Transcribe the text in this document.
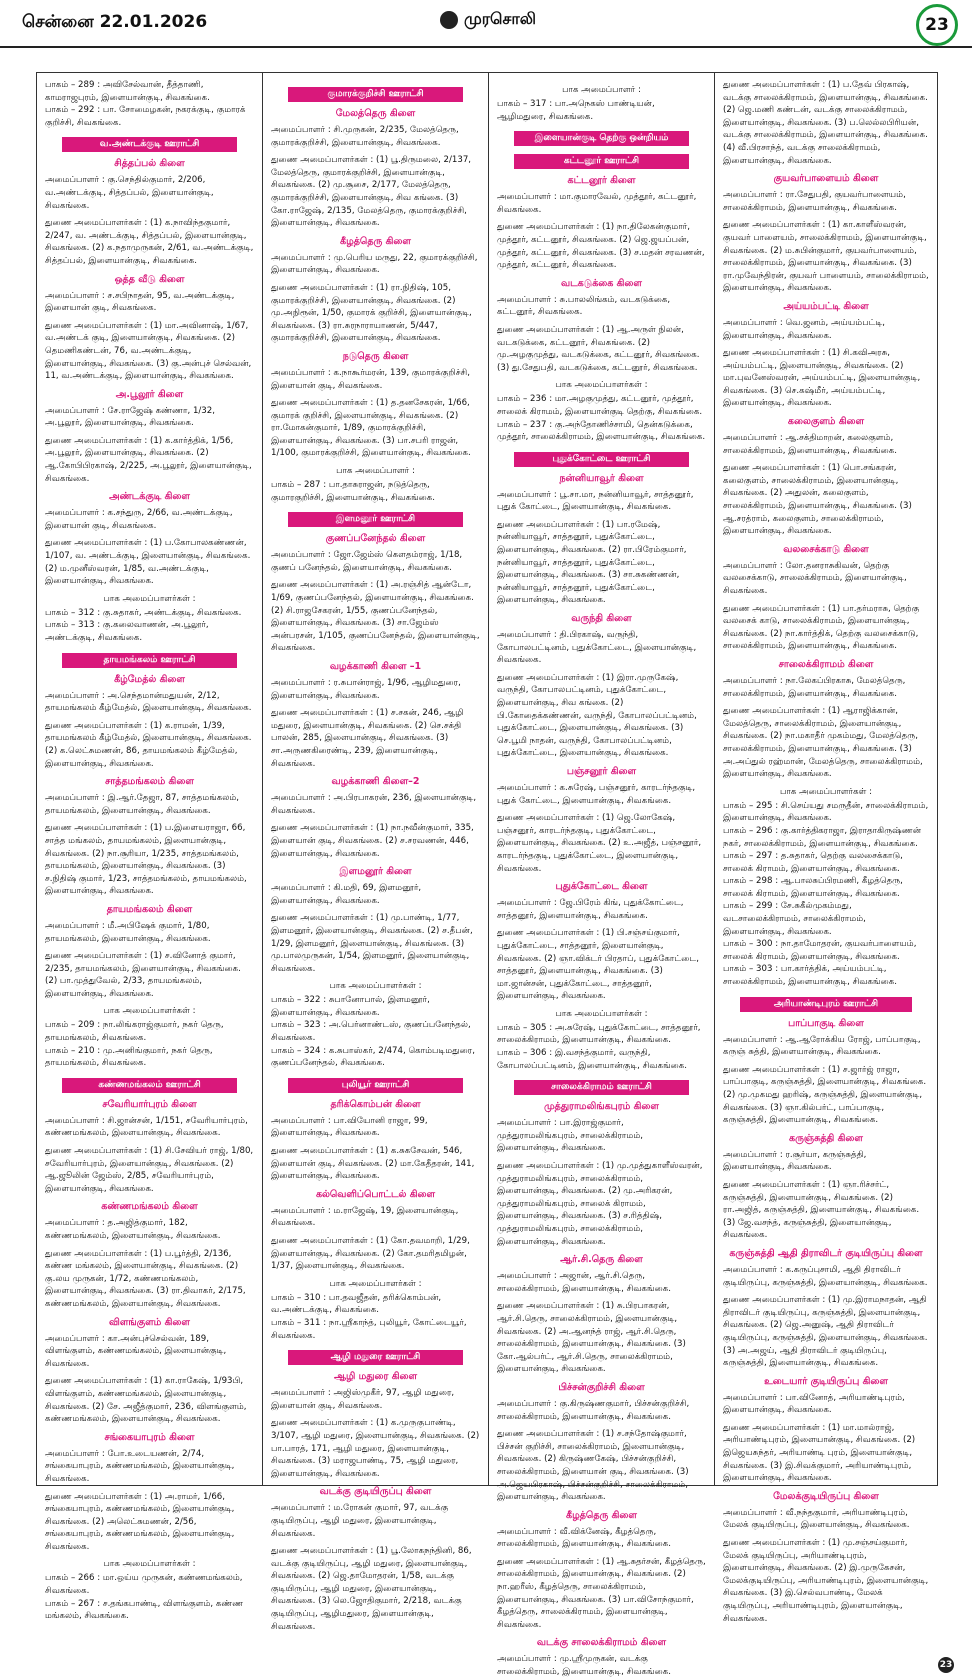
சென்னை 22.01.2026	முரசொலி	23
பாகம் – 289 : அவிசேல்வான், தீத்தாணி, காமராஜபுரம், இளையான்குடி, சிவகங்கை.
பாகம் – 292 : பா. சோமைழகன், நகரக்குடி, குமாரக் குறிச்சி, சிவகங்கை.
வ.அண்டக்குடி ஊராட்சி
சித்தப்பல் கிளை

அமைப்பாளர் : கு.செந்தில்குமார், 2/206, வ.அண்டக்குடி, சித்தப்பல், இளையான்குடி, சிவகங்கை.

துணை அமைப்பாளர்கள் : (1) க.நாவிந்தகுமார், 2/247, வ. அண்டக்குடி, சித்தப்பல், இளையான்குடி, சிவகங்கை. (2) க.நதாமுருகன், 2/61, வ.அண்டக்குடி, சித்தப்பல், இளையான்குடி, சிவகங்கை.

ஒத்த வீடு கிளை

அமைப்பாளர் : ச.சபிநாதன், 95, வ.அண்டக்குடி, இளையான் குடி, சிவகங்கை.

துணை அமைப்பாளர்கள் : (1) மா.அவினாஷ், 1/67, வ.அண்டக் குடி, இளையான்குடி, சிவகங்கை. (2) தெமணிகண்டன், 76, வ.அண்டக்குடி, இளையான்குடி, சிவகங்கை. (3) கு.அன்புச் செல்வன், 11, வ.அண்டக்குடி, இளையான்குடி, சிவகங்கை.

அ.பூலூர் கிளை

அமைப்பாளர் : சே.ராஜேஷ் கண்ணா, 1/32, அ.பூலூர், இளையான்குடி, சிவகங்கை.

துணை அமைப்பாளர்கள் : (1) க.கார்த்திக், 1/56, அ.பூலூர், இளையான்குடி, சிவகங்கை. (2) ஆ.கோபிபிரகாஷ், 2/225, அ.பூலூர், இளையான்குடி, சிவகங்கை.

அண்டக்குடி கிளை

அமைப்பாளர் : க.சந்துரு, 2/66, வ.அண்டக்குடி, இளையான் குடி, சிவகங்கை.

துணை அமைப்பாளர்கள் : (1) ப.கோபாலகண்ணன், 1/107, வ. அண்டக்குடி, இளையான்குடி, சிவகங்கை. (2) ம.முனீஸ்வரன், 1/85, வ.அண்டக்குடி, இளையான்குடி, சிவகங்கை.

பாக அமைப்பாளர்கள் :
பாகம் – 312 : கு.சுதாகர், அண்டக்குடி, சிவகங்கை.
பாகம் – 313 : கு.கலைவாணன், அ.பூலூர், அண்டக்குடி, சிவகங்கை.
தாயமங்கலம் ஊராட்சி
கீழ்மேத்ல் கிளை

அமைப்பாளர் : அ.செந்தமான்மதுயன், 2/12, தாயமங்கலம் கீழ்மேத்ல், இளையான்குடி, சிவகங்கை.

துணை அமைப்பாளர்கள் : (1) க.ராமன், 1/39, தாயமங்கலம் கீழ்மேத்ல், இளையான்குடி, சிவகங்கை. (2) க.லெட்சுமணன், 86, தாயமங்கலம் கீழ்மேத்ல், இளையான்குடி, சிவகங்கை.

சாத்தமங்கலம் கிளை

அமைப்பாளர் : இ.ஆர்.தேஜா, 87, சாத்தமங்கலம், தாயமங்கலம், இளையான்குடி, சிவகங்கை.

துணை அமைப்பாளர்கள் : (1) ப.இளையராஜா, 66, சாத்த மங்கலம், தாயமங்கலம், இளையான்குடி, சிவகங்கை. (2) நா.சூரியா, 1/235, சாத்தமங்கலம், தாயமங்கலம், இளையான்குடி, சிவகங்கை. (3) ச.நிதிஷ் குமார், 1/23, சாத்தமங்கலம், தாயமங்கலம், இளையான்குடி, சிவகங்கை.

தாயமங்கலம் கிளை

அமைப்பாளர் : மீ.அபிஷேக் குமார், 1/80, தாயமங்கலம், இளையான்குடி, சிவகங்கை.

துணை அமைப்பாளர்கள் : (1) ச.வினோத் குமார், 2/235, தாயமங்கலம், இளையான்குடி, சிவகங்கை. (2) பா.முத்துவேல், 2/33, தாயமங்கலம், இளையான்குடி, சிவகங்கை.

பாக அமைப்பாளர்கள் :
பாகம் – 209 : நா.லிங்கராஜ்குமார், நகர் தெரு, தாயமங்கலம், சிவகங்கை.
பாகம் – 210 : மு.அனிங்குமார், நகர் தெரு, தாயமங்கலம், சிவகங்கை.
கண்ணமங்கலம் ஊராட்சி
சவேரியார்புரம் கிளை

அமைப்பாளர் : சி.ஜான்சன், 1/151, சவேரியார்புரம், கண்ணமங்கலம், இளையான்குடி, சிவகங்கை.

துணை அமைப்பாளர்கள் : (1) சி.சேவியர் ராஜ், 1/80, சவேரியார்புரம், இளையான்குடி, சிவகங்கை. (2) ஆ.ஜூலின் ஜேம்ஸ், 2/85, சவேரியார்புரம், இளையான்குடி, சிவகங்கை.

கண்ணமங்கலம் கிளை

அமைப்பாளர் : த.அஜித்குமார், 182, கண்ணமங்கலம், இளையான்குடி, சிவகங்கை.

துணை அமைப்பாளர்கள் : (1) ப.பூர்த்தி, 2/136, கண்ண மங்கலம், இளையான்குடி, சிவகங்கை. (2) கு.லய முருகன், 1/72, கண்ணமங்கலம், இளையான்குடி, சிவகங்கை. (3) ரா.திவாகர், 2/175, கண்ணமங்கலம், இளையான்குடி, சிவகங்கை.

விளங்குளம் கிளை

அமைப்பாளர் : கா.அன்புச்செல்வன், 189, விளங்குளம், கண்ணமங்கலம், இளையான்குடி, சிவகங்கை.

துணை அமைப்பாளர்கள் : (1) கா.ராகேஷ், 1/93பி, விளங்குளம், கண்ணமங்கலம், இளையான்குடி, சிவகங்கை. (2) சே. அஜீத்குமார், 236, விளங்குளம், கண்ணமங்கலம், இளையான்குடி, சிவகங்கை.

சங்கையாபுரம் கிளை

அமைப்பாளர் : போ.உடையணன், 2/74, சங்கையாபுரம், கண்ணமங்கலம், இளையான்குடி, சிவகங்கை.

துணை அமைப்பாளர்கள் : (1) அ.ராமர், 1/66, சங்கையாபுரம், கண்ணமங்கலம், இளையான்குடி, சிவகங்கை. (2) அலெட்சுமணன், 2/56, சங்கையாபுரம், கண்ணமங்கலம், இளையான்குடி, சிவகங்கை.

பாக அமைப்பாளர்கள் :
பாகம் – 266 : மா.ஒய்ய முருகன், கண்ணமங்கலம், சிவகங்கை.
பாகம் – 267 : ச.தங்கபாண்டி, விளங்குளம், கண்ண மங்கலம், சிவகங்கை.
குமாரக்குறிச்சி ஊராட்சி
மேலத்தெரு கிளை

அமைப்பாளர் : சி.முருகன், 2/235, மேலத்தெரு, குமாரக்குறிச்சி, இளையான்குடி, சிவகங்கை.

துணை அமைப்பாளர்கள் : (1) பூ.திருமலை, 2/137, மேலத்தெரு, குமாரக்குறிச்சி, இளையான்குடி, சிவகங்கை. (2) மு.சூசை, 2/177, மேலத்தெரு, குமாரக்குறிச்சி, இளையான்குடி, சிவ கங்கை. (3) கோ.ராஜேஷ், 2/135, மேலத்தெரு, குமாரக்குறிச்சி, இளையான்குடி, சிவகங்கை.

கீழத்தெரு கிளை

அமைப்பாளர் : மு.பெரிய மருது, 22, குமாரக்குறிச்சி, இளையான்குடி, சிவகங்கை.

துணை அமைப்பாளர்கள் : (1) ரா.நிதிஷ், 105, குமாரக்குறிச்சி, இளையான்குடி, சிவகங்கை. (2) மு.அநிரூன், 1/50, குமாரக் குறிச்சி, இளையான்குடி, சிவகங்கை. (3) ரா.சுரநாராயாணன், 5/447, குமாரக்குறிச்சி, இளையான்குடி, சிவகங்கை.

நடுதெரு கிளை

அமைப்பாளர் : க.நாகூர்மரன், 139, குமாரக்குறிச்சி, இளையான் குடி, சிவகங்கை.

துணை அமைப்பாளர்கள் : (1) த.தனசேகரன், 1/66, குமாரக் குறிச்சி, இளையான்குடி, சிவகங்கை. (2) ரா.மோகன்குமார், 1/89, குமாரக்குறிச்சி, இளையான்குடி, சிவகங்கை. (3) பா.சபரி ராஜன், 1/100, குமாரக்குறிச்சி, இளையான்குடி, சிவகங்கை.

பாக அமைப்பாளர் :
பாகம் – 287 : பா.தாசுராஜன், நடுத்தெரு, குமாரகுறிச்சி, இளையான்குடி, சிவகங்கை.
இளமனூர் ஊராட்சி
குணப்பனேந்தல் கிளை

அமைப்பாளர் : ஜோ.ஜேம்ஸ் கௌதம்ராஜ், 1/18, குணப் பனேந்தல், இளையான்குடி, சிவகங்கை.

துணை அமைப்பாளர்கள் : (1) அ.ரஞ்சித் ஆன்டோ, 1/69, குணப்பனேந்தல், இளையான்குடி, சிவகங்கை. (2) சி.ராஜசேகரன், 1/55, குணப்பனேந்தல், இளையான்குடி, சிவகங்கை. (3) சா.ஜேம்ஸ் அன்பரசன், 1/105, குணப்பனேந்தல், இளையான்குடி, சிவகங்கை.

வழக்காணி கிளை –1

அமைப்பாளர் : ர.சுபான்ராஜ், 1/96, ஆழிமதுரை, இளையான்குடி, சிவகங்கை.

துணை அமைப்பாளர்கள் : (1) ச.சகன், 246, ஆழி மதுரை, இளையான்குடி, சிவகங்கை. (2) செ.சக்தி பாலன், 285, இளையான்குடி, சிவகங்கை. (3) சா.அருணகிரைண்டி, 239, இளையான்குடி, சிவகங்கை.

வழக்காணி கிளை–2

அமைப்பாளர் : அ.பிரபாகரன், 236, இளையான்குடி, சிவகங்கை.

துணை அமைப்பாளர்கள் : (1) நா.நவீன்குமார், 335, இளையான் குடி, சிவகங்கை. (2) ச.சரவணன், 446, இளையான்குடி, சிவகங்கை.

இளமனூர் கிளை

அமைப்பாளர் : கி.மதி, 69, இளமனூர், இளையான்குடி, சிவகங்கை.

துணை அமைப்பாளர்கள் : (1) மு.பாண்டி, 1/77, இளமனூர், இளையான்குடி, சிவகங்கை. (2) ச.தீபன், 1/29, இளமனூர், இளையான்குடி, சிவகங்கை. (3) மு.பாலமுருகன், 1/54, இளமனூர், இளையான்குடி, சிவகங்கை.

பாக அமைப்பாளர்கள் :
பாகம் – 322 : சுபானோபால், இளமனூர், இளையான்குடி, சிவகங்கை.
பாகம் – 323 : அ.பெர்னாண்டஸ், குணப்பனேந்தல், சிவகங்கை.
பாகம் – 324 : க.சுபாஸ்கர், 2/474, கொம்படிமதுரை, குணப்பனேந்தல், சிவகங்கை.
புலியூர் ஊராட்சி
தரிக்கொம்பன் கிளை

அமைப்பாளர் : பா.வியோனி ராஜா, 99, இளையான்குடி, சிவகங்கை.

துணை அமைப்பாளர்கள் : (1) க.சுகசேவன், 546, இளையான் குடி, சிவகங்கை. (2) மா.கேதீதரன், 141, இளையான்குடி, சிவகங்கை.

கல்வெளிப்பொட்டல் கிளை

அமைப்பாளர் : ம.ராஜேஷ், 19, இளையான்குடி, சிவகங்கை.

துணை அமைப்பாளர்கள் : (1) கோ.தவமாறி, 1/29, இளையான்குடி, சிவகங்கை. (2) கோ.தமரிதமிழன், 1/37, இளையான்குடி, சிவகங்கை.

பாக அமைப்பாளர்கள் :
பாகம் – 310 : பா.தவஜீதன், தரிக்கொம்பன், வ.அண்டக்குடி, சிவகங்கை.
பாகம் – 311 : நா.ஸ்ரீகாந்த், புலியூர், கோட்டையூர், சிவகங்கை.
ஆழி மதுரை ஊராட்சி
ஆழி மதுரை கிளை

அமைப்பாளர் : அஜிஸ்முகீர், 97, ஆழி மதுரை, இளையான் குடி, சிவகங்கை.

துணை அமைப்பாளர்கள் : (1) க.முருகுபாண்டி, 3/107, ஆழி மதுரை, இளையான்குடி, சிவகங்கை. (2) பா.பாரத், 171, ஆழி மதுரை, இளையான்குடி, சிவகங்கை. (3) மராஜபாண்டி, 75, ஆழி மதுரை, இளையான்குடி, சிவகங்கை.

வடக்கு குடியிருப்பு கிளை

அமைப்பாளர் : ம.ரோகன் குமார், 97, வடக்கு குடியிருப்பு, ஆழி மதுரை, இளையான்குடி, சிவகங்கை.

துணை அமைப்பாளர்கள் : (1) பூ.லோகநந்தினி, 86, வடக்கு குடியிருப்பு, ஆழி மதுரை, இளையான்குடி, சிவகங்கை. (2) ஜெ.தாமோதரன், 1/58, வடக்கு குடியிருப்பு, ஆழி மதுரை, இளையான்குடி, சிவகங்கை. (3) லெ.ஜோதிகுமார், 2/218, வடக்கு குடியிருப்பு, ஆழிமதுரை, இளையான்குடி, சிவகங்கை.

பாக அமைப்பாளர் :
பாகம் – 317 : பா.அநெகஸ் பாண்டியன், ஆழிமதுரை, சிவகங்கை.
இளையான்குடி தெற்கு ஒன்றியம்
கட்டனூர் ஊராட்சி
கட்டனூர் கிளை

அமைப்பாளர் : மா.குமாரவேல், முத்தூர், கட்டனூர், சிவகங்கை.

துணை அமைப்பாளர்கள் : (1) நா.திலேகன்குமார், முத்தூர், கட்டனூர், சிவகங்கை. (2) ஜெ.ஜயப்பன், முத்தூர், கட்டனூர், சிவகங்கை. (3) ச.மதன் சரவணன், முத்தூர், கட்டனூர், சிவகங்கை.

வடகடுக்கை கிளை

அமைப்பாளர் : சு.பாலலிங்கம், வடகடுக்கை, கட்டனூர், சிவகங்கை.

துணை அமைப்பாளர்கள் : (1) ஆ.அருள் நிலன், வடகடுக்கை, கட்டனூர், சிவகங்கை. (2) மு.அழகுமுத்து, வடகடுக்கை, கட்டனூர், சிவகங்கை. (3) து.சேதுபதி, வடகடுக்கை, கட்டனூர், சிவகங்கை.

பாக அமைப்பாளர்கள் :
பாகம் – 236 : மா.அழகுமுத்து, கட்டனூர், முத்தூர், சாலைக் கிராமம், இளையான்குடி தெற்கு, சிவகங்கை.
பாகம் – 237 : கு.அந்தோணிச்சாமி, தென்கடுக்கை, முத்தூர், சாலைக்கிராமம், இளையான்குடி, சிவகங்கை.
புதுக்கோட்டை ஊராட்சி
நன்னியாவூர் கிளை

அமைப்பாளர் : பூ.சா.மா, நன்னியாவூர், சாத்தனூர், புதுக் கோட்டை, இளையான்குடி, சிவகங்கை.

துணை அமைப்பாளர்கள் : (1) பா.ரமேஷ், நன்னியாவூர், சாத்தனூர், புதுக்கோட்டை, இளையான்குடி, சிவகங்கை. (2) ரா.பிரேம்குமார், நன்னியாவூர், சாத்தனூர், புதுக்கோட்டை, இளையான்குடி, சிவகங்கை. (3) சா.சுகண்ணன், நன்னியாவூர், சாத்தனூர், புதுக்கோட்டை, இளையான்குடி, சிவகங்கை.

வருந்தி கிளை

அமைப்பாளர் : தி.பிரகாஷ், வருந்தி, கோபாலபட்டினம், புதுக்கோட்டை, இளையான்குடி, சிவகங்கை.

துணை அமைப்பாளர்கள் : (1) இரா.முருகேஷ், வருந்தி, கோபாலபட்டினம், புதுக்கோட்டை, இளையான்குடி, சிவ கங்கை. (2) பி.கோதைக்கண்ணன், வருந்தி, கோபாலப்பட்டினம், புதுக்கோட்டை, இளையான்குடி, சிவகங்கை. (3) செ.பூமி நாதன், வருந்தி, கோபாலப்பட்டினம், புதுக்கோட்டை, இளையான்குடி, சிவகங்கை.

பஞ்சனூர் கிளை

அமைப்பாளர் : க.சுரேஷ், பஞ்சனூர், காரடர்ந்தகுடி, புதுக் கோட்டை, இளையான்குடி, சிவகங்கை.

துணை அமைப்பாளர்கள் : (1) ஜெ.லோகேஷ், பஞ்சனூர், காரடர்ந்தகுடி, புதுக்கோட்டை, இளையான்குடி, சிவகங்கை. (2) உ.அஜீத், பஞ்சனூர், காரடர்ந்தகுடி, புதுக்கோட்டை, இளையான்குடி, சிவகங்கை.

புதுக்கோட்டை கிளை

அமைப்பாளர் : ஜே.பிரேம் கிங், புதுக்கோட்டை, சாத்தனூர், இளையான்குடி, சிவகங்கை.

துணை அமைப்பாளர்கள் : (1) பி.சஞ்சய்குமார், புதுக்கோட்டை, சாத்தனூர், இளையான்குடி, சிவகங்கை. (2) ஞா.விக்டர் பிரதாப், புதுக்கோட்டை, சாத்தனூர், இளையான்குடி, சிவகங்கை. (3) மா.ஜான்சன், புதுக்கோட்டை, சாத்தனூர், இளையான்குடி, சிவகங்கை.

பாக அமைப்பாளர்கள் :
பாகம் – 305 : அ.சுரேஷ், புதுக்கோட்டை, சாத்தனூர், சாலைக்கிராமம், இளையான்குடி, சிவகங்கை.
பாகம் – 306 : இ.வசந்த்குமார், வருந்தி, கோபாலப்பட்டினம், இளையான்குடி, சிவகங்கை.
சாலைக்கிராமம் ஊராட்சி
முத்துராமலிங்கபுரம் கிளை

அமைப்பாளர் : பா.இராஜ்குமார், முத்துராமலிங்கபுரம், சாலைக்கிராமம், இளையான்குடி, சிவகங்கை.

துணை அமைப்பாளர்கள் : (1) மு.முத்துகாளீஸ்வரன், முத்துராமலிங்கபுரம், சாலைக்கிராமம், இளையான்குடி, சிவகங்கை. (2) மு.அரிகரன், முத்துராமலிங்கபுரம், சாலைக் கிராமம், இளையான்குடி, சிவகங்கை. (3) ச.ரித்திஷ், முத்துராமலிங்கபுரம், சாலைக்கிராமம், இளையான்குடி, சிவகங்கை.

ஆர்.சி.தெரு கிளை

அமைப்பாளர் : அஜான், ஆர்.சி.தெரு, சாலைக்கிராமம், இளையான்குடி, சிவகங்கை.

துணை அமைப்பாளர்கள் : (1) சு.பிரபாகரன், ஆர்.சி.தெரு, சாலைக்கிராமம், இளையான்குடி, சிவகங்கை. (2) அ.ஆனந்த் ராஜ், ஆர்.சி.தெரு, சாலைக்கிராமம், இளையான்குடி, சிவகங்கை. (3) கோ.ஆல்பர்ட், ஆர்.சி.தெரு, சாலைக்கிராமம், இளையான்குடி, சிவகங்கை.

பிச்சன்குறிச்சி கிளை

அமைப்பாளர் : கு.கிருஷ்ணகுமார், பிச்சன்குறிச்சி, சாலைக்கிராமம், இளையான்குடி, சிவகங்கை.

துணை அமைப்பாளர்கள் : (1) ச.சந்தோஷ்குமார், பிச்சன் குறிச்சி, சாலைக்கிராமம், இளையான்குடி, சிவகங்கை. (2) கிருஷ்ணகேஷ், பிச்சன்குறிச்சி, சாலைக்கிராமம், இளையான் குடி, சிவகங்கை. (3) அ.ஜெயபிரகாஷ், பிச்சன்குறிச்சி, சாலைக்கிராமம், இளையான்குடி, சிவகங்கை.

கீழத்தெரு கிளை

அமைப்பாளர் : வீ.விக்னேஷ், கீழத்தெரு, சாலைக்கிராமம், இளையான்குடி, சிவகங்கை.

துணை அமைப்பாளர்கள் : (1) ஆ.சுதர்சன், கீழத்தெரு, சாலைக்கிராமம், இளையான்குடி, சிவகங்கை. (2) நா.ஹரீஸ், கீழத்தெரு, சாலைக்கிராமம், இளையான்குடி, சிவகங்கை. (3) பா.விசோந்குமார், கீழத்தெரு, சாலைக்கிராமம், இளையான்குடி, சிவகங்கை.

வடக்கு சாலைக்கிராமம் கிளை

அமைப்பாளர் : மு.ஸ்ரீமுருகன், வடக்கு சாலைக்கிராமம், இளையான்குடி, சிவகங்கை.

துணை அமைப்பாளர்கள் : (1) ப.தேவ் பிரகாஷ், வடக்கு சாலைக்கிராமம், இளையான்குடி, சிவகங்கை. (2) ஜெ.மணி கண்டன், வடக்கு சாலைக்கிராமம், இளையான்குடி, சிவகங்கை. (3) ப.லெல்லபிரியன், வடக்கு சாலைக்கிராமம், இளையான்குடி, சிவகங்கை. (4) வீ.பிரசாந்த், வடக்கு சாலைக்கிராமம், இளையான்குடி, சிவகங்கை.

குயவர்பாளையம் கிளை

அமைப்பாளர் : ரா.சேதுபதி, குயவர்பாளையம், சாலைக்கிராமம், இளையான்குடி, சிவகங்கை.

துணை அமைப்பாளர்கள் : (1) கா.காளீஸ்வரன், குயவர் பாளையம், சாலைக்கிராமம், இளையான்குடி, சிவகங்கை. (2) ம.சுபின்குமார், குயவர்பாளையம், சாலைக்கிராமம், இளையான்குடி, சிவகங்கை. (3) ரா.முவேந்திரன், குயவர் பாளையம், சாலைக்கிராமம், இளையான்குடி, சிவகங்கை.

அய்யம்பட்டி கிளை

அமைப்பாளர் : வெ.ஜனம், அய்யம்பட்டி, இளையான்குடி, சிவகங்கை.

துணை அமைப்பாளர்கள் : (1) சி.கவிஅரசு, அய்யம்பட்டி, இளையான்குடி, சிவகங்கை. (2) மா.புவனேஸ்வரன், அய்யம்பட்டி, இளையான்குடி, சிவகங்கை. (3) செ.கஷ்மீர், அய்யம்பட்டி, இளையான்குடி, சிவகங்கை.

கலைகுளம் கிளை

அமைப்பாளர் : ஆ.சக்திமாறன், கலைகுளம், சாலைக்கிராமம், இளையான்குடி, சிவகங்கை.

துணை அமைப்பாளர்கள் : (1) பொ.சங்கரன், கலைகுளம், சாலைக்கிராமம், இளையான்குடி, சிவகங்கை. (2) அதுலன், கலைகுளம், சாலைக்கிராமம், இளையான்குடி, சிவகங்கை. (3) ஆ.சரத்ராம், கலைகுளம், சாலைக்கிராமம், இளையான்குடி, சிவகங்கை.

வலசைக்காடு கிளை

அமைப்பாளர் : லோ.தனராசுகிவன், தெற்கு வலசைக்காடு, சாலைக்கிராமம், இளையான்குடி, சிவகங்கை.

துணை அமைப்பாளர்கள் : (1) பா.தர்மராசு, தெற்கு வலசைக் காடு, சாலைக்கிராமம், இளையான்குடி, சிவகங்கை. (2) நா.கார்த்திக், தெற்கு வலசைக்காடு, சாலைக்கிராமம், இளையான்குடி, சிவகங்கை.

சாலைக்கிராமம் கிளை

அமைப்பாளர் : நா.லேகப்பிரகாசு, மேலத்தெரு, சாலைக்கிராமம், இளையான்குடி, சிவகங்கை.

துணை அமைப்பாளர்கள் : (1) ஆராஜிக்கான், மேலத்தெரு, சாலைக்கிராமம், இளையான்குடி, சிவகங்கை. (2) நா.மகாதீர் முகம்மது, மேலத்தெரு, சாலைக்கிராமம், இளையான்குடி, சிவகங்கை. (3) அ.அப்துல் ரஹ்மான், மேலத்தெரு, சாலைக்கிராமம், இளையான்குடி, சிவகங்கை.

பாக அமைப்பாளர்கள் :
பாகம் – 295 : சி.செய்யது சமருதீன், சாலைக்கிராமம், இளையான்குடி, சிவகங்கை.
பாகம் – 296 : கு.கார்த்திகராஜா, இராதாகிருஷ்ணன் நகர், சாலைக்கிராமம், இளையான்குடி, சிவகங்கை.
பாகம் – 297 : த.சுதாகர், தெற்கு வலசைக்காடு, சாலைக் கிராமம், இளையான்குடி, சிவகங்கை.
பாகம் – 298 : ஆ.பாலசுப்பிரமணி, கீழத்தெரு, சாலைக் கிராமம், இளையான்குடி, சிவகங்கை.
பாகம் – 299 : சே.சுகீல்முகம்மது, வடசாலைக்கிராமம், சாலைக்கிராமம், இளையான்குடி, சிவகங்கை.
பாகம் – 300 : நா.தாமோதரன், குயவர்பாளையம், சாலைக் கிராமம், இளையான்குடி, சிவகங்கை.
பாகம் – 303 : பா.கார்த்திக், அய்யம்பட்டி, சாலைக்கிராமம், இளையான்குடி, சிவகங்கை.
அரியாண்டிபுரம் ஊராட்சி
பாப்பாகுடி கிளை

அமைப்பாளர் : ஆ.ஆரோக்கிய ரோஜ், பாப்பாகுடி, கருஞ் சுத்தி, இளையான்குடி, சிவகங்கை.

துணை அமைப்பாளர்கள் : (1) ச.ஜார்ஜ் ராஜா, பாப்பாகுடி, கருஞ்சுத்தி, இளையான்குடி, சிவகங்கை. (2) மு.முகமது ஹரிஷ், கருஞ்சுத்தி, இளையான்குடி, சிவகங்கை. (3) ஞா.கில்பர்ட், பாப்பாகுடி, கருஞ்சுத்தி, இளையான்குடி, சிவகங்கை.

கருஞ்சுத்தி கிளை

அமைப்பாளர் : ர.சூர்யா, கருஞ்சுத்தி, இளையான்குடி, சிவகங்கை.

துணை அமைப்பாளர்கள் : (1) ஞா.ரிச்சர்ட், கருஞ்சுத்தி, இளையான்குடி, சிவகங்கை. (2) ரா.அஜித், கருஞ்சுத்தி, இளையான்குடி, சிவகங்கை. (3) ஜே.வசந்த், கருஞ்சுத்தி, இளையான்குடி, சிவகங்கை.

கருஞ்சுத்தி ஆதி திராவிடர் குடியிருப்பு கிளை

அமைப்பாளர் : க.கருப்புசாமி, ஆதி திராவிடர் குடியிருப்பு, கருஞ்சுத்தி, இளையான்குடி, சிவகங்கை.

துணை அமைப்பாளர்கள் : (1) மு.இராமநாதன், ஆதி திராவிடர் குடியிருப்பு, கருஞ்சுத்தி, இளையான்குடி, சிவகங்கை. (2) ஜெ.அனுஷ், ஆதி திராவிடர் குடியிருப்பு, கருஞ்சுத்தி, இளையான்குடி, சிவகங்கை. (3) அ.அஜய், ஆதி திராவிடர் குடியிருப்பு, கருஞ்சுத்தி, இளையான்குடி, சிவகங்கை.

உடையார் குடியிருப்பு கிளை

அமைப்பாளர் : பா.வினோத், அரியாண்டிபுரம், இளையான்குடி, சிவகங்கை.

துணை அமைப்பாளர்கள் : (1) மா.மால்ராஜ், அரியாண்டிபுரம், இளையான்குடி, சிவகங்கை. (2) இஜெயசுந்தர், அரியாண்டி புரம், இளையான்குடி, சிவகங்கை. (3) இ.சிவக்குமார், அரியாண்டிபுரம், இளையான்குடி, சிவகங்கை.

மேலக்குடியிருப்பு கிளை

அமைப்பாளர் : வீ.நந்தகுமார், அரியாண்டிபுரம், மேலக் குடியிருப்பு, இளையான்குடி, சிவகங்கை.

துணை அமைப்பாளர்கள் : (1) மு.சஞ்சய்குமார், மேலக் குடியிருப்பு, அரியாண்டிபுரம், இளையான்குடி, சிவகங்கை. (2) இ.முருகேசன், மேலக்குடியிருப்பு, அரியாண்டிபுரம், இளையான்குடி, சிவகங்கை. (3) இ.செல்வபாண்டி, மேலக் குடியிருப்பு, அரியாண்டிபுரம், இளையான்குடி, சிவகங்கை.

23
